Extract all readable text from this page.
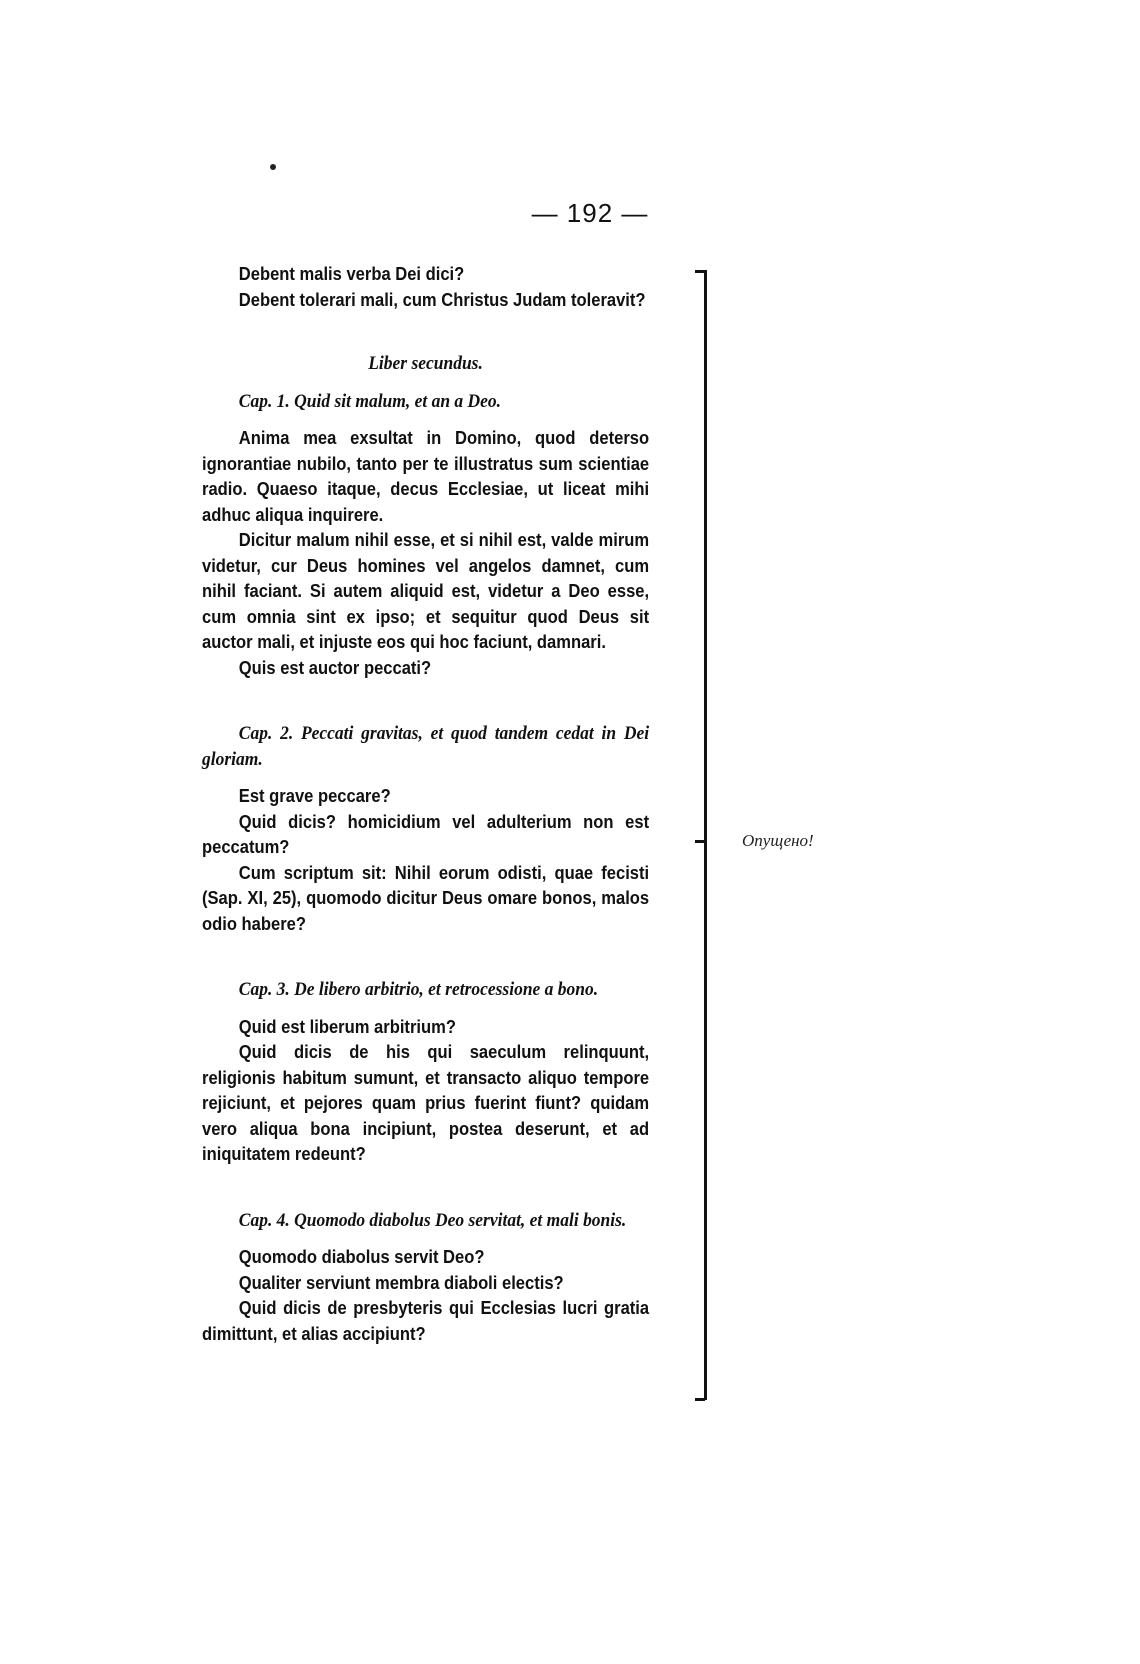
— 192 —

Debent malis verba Dei dici?

Debent tolerari mali, cum Christus Judam toleravit?

Liber secundus.

Cap. 1. Quid sit malum, et an a Deo.

Anima mea exsultat in Domino, quod deterso ignorantiae nubilo, tanto per te illustratus sum scientiae radio. Quaeso itaque, decus Ecclesiae, ut liceat mihi adhuc aliqua inquirere.

Dicitur malum nihil esse, et si nihil est, valde mirum videtur, cur Deus homines vel angelos damnet, cum nihil faciant. Si autem aliquid est, videtur a Deo esse, cum omnia sint ex ipso; et sequitur quod Deus sit auctor mali, et injuste eos qui hoc faciunt, damnari.

Quis est auctor peccati?

Cap. 2. Peccati gravitas, et quod tandem cedat in Dei gloriam.

Est grave peccare?

Quid dicis? homicidium vel adulterium non est peccatum?

Cum scriptum sit: Nihil eorum odisti, quae fecisti (Sap. XI, 25), quomodo dicitur Deus omare bonos, malos odio habere?

Cap. 3. De libero arbitrio, et retrocessione a bono.

Quid est liberum arbitrium?

Quid dicis de his qui saeculum relinquunt, religionis habitum sumunt, et transacto aliquo tempore rejiciunt, et pejores quam prius fuerint fiunt? quidam vero aliqua bona incipiunt, postea deserunt, et ad iniquitatem redeunt?

Cap. 4. Quomodo diabolus Deo servitat, et mali bonis.

Quomodo diabolus servit Deo?

Qualiter serviunt membra diaboli electis?

Quid dicis de presbyteris qui Ecclesias lucri gratia dimittunt, et alias accipiunt?

Опущено!
